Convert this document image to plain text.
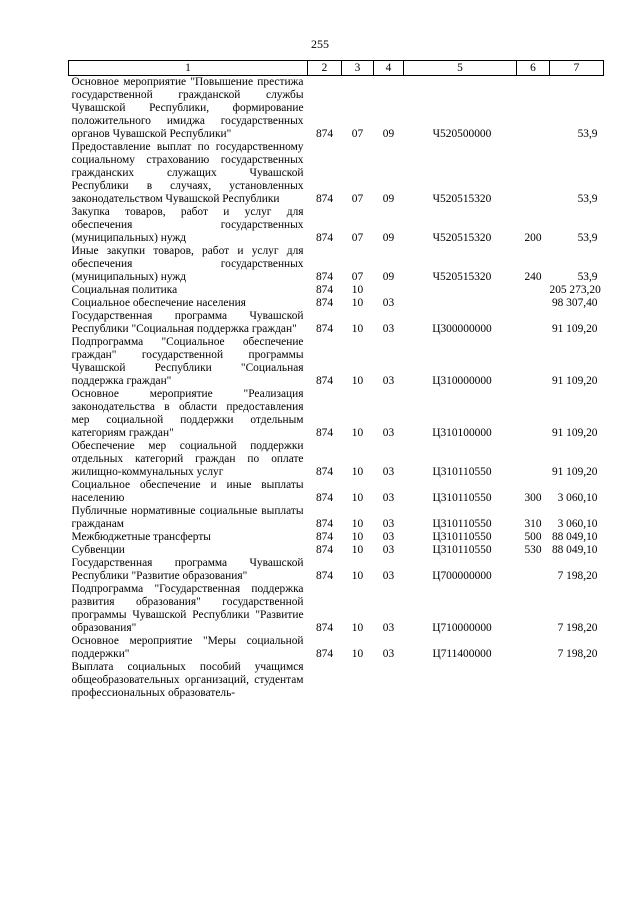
255
1	2	3	4	5	6	7
Основное мероприятие "Повышение престижа государственной гражданской службы Чувашской Республики, формирование положительного имиджа государственных органов Чувашской Республики"	874	07	09	Ч520500000		53,9
Предоставление выплат по государственному социальному страхованию государственных гражданских служащих Чувашской Республики в случаях, установленных законодательством Чувашской Республики	874	07	09	Ч520515320		53,9
Закупка товаров, работ и услуг для обеспечения государственных (муниципальных) нужд	874	07	09	Ч520515320	200	53,9
Иные закупки товаров, работ и услуг для обеспечения государственных (муниципальных) нужд	874	07	09	Ч520515320	240	53,9
Социальная политика	874	10				205 273,20
Социальное обеспечение населения	874	10	03			98 307,40
Государственная программа Чувашской Республики "Социальная поддержка граждан"	874	10	03	Ц300000000		91 109,20
Подпрограмма "Социальное обеспечение граждан" государственной программы Чувашской Республики "Социальная поддержка граждан"	874	10	03	Ц310000000		91 109,20
Основное мероприятие "Реализация законодательства в области предоставления мер социальной поддержки отдельным категориям граждан"	874	10	03	Ц310100000		91 109,20
Обеспечение мер социальной поддержки отдельных категорий граждан по оплате жилищно-коммунальных услуг	874	10	03	Ц310110550		91 109,20
Социальное обеспечение и иные выплаты населению	874	10	03	Ц310110550	300	3 060,10
Публичные нормативные социальные выплаты гражданам	874	10	03	Ц310110550	310	3 060,10
Межбюджетные трансферты	874	10	03	Ц310110550	500	88 049,10
Субвенции	874	10	03	Ц310110550	530	88 049,10
Государственная программа Чувашской Республики "Развитие образования"	874	10	03	Ц700000000		7 198,20
Подпрограмма "Государственная поддержка развития образования" государственной программы Чувашской Республики "Развитие образования"	874	10	03	Ц710000000		7 198,20
Основное мероприятие "Меры социальной поддержки"	874	10	03	Ц711400000		7 198,20
Выплата социальных пособий учащимся общеобразовательных организаций, студентам профессиональных образователь-						
